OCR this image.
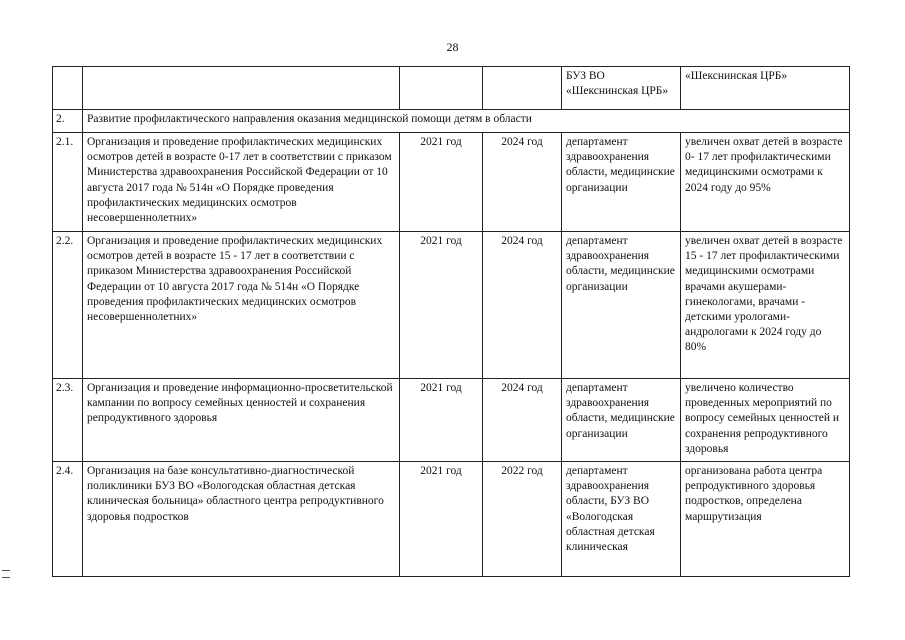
28
				БУЗ ВО «Шекснинская ЦРБ»	«Шекснинская ЦРБ»
2.	Развитие профилактического направления оказания медицинской помощи детям в области				
2.1.	Организация и проведение профилактических медицинских осмотров детей в возрасте 0-17 лет в соответствии с приказом Министерства здравоохранения Российской Федерации от 10 августа 2017 года № 514н «О Порядке проведения профилактических медицинских осмотров несовершеннолетних»	2021 год	2024 год	департамент здравоохранения области, медицинские организации	увеличен охват детей в возрасте 0- 17 лет профилактическими медицинскими осмотрами к 2024 году до 95%
2.2.	Организация и проведение профилактических медицинских осмотров детей в возрасте 15 - 17 лет в соответствии с приказом Министерства здравоохранения Российской Федерации от 10 августа 2017 года № 514н «О Порядке проведения профилактических медицинских осмотров несовершеннолетних»	2021 год	2024 год	департамент здравоохранения области, медицинские организации	увеличен охват детей в возрасте 15 - 17 лет профилактическими медицинскими осмотрами врачами акушерами-гинекологами, врачами - детскими урологами-андрологами к 2024 году до 80%
2.3.	Организация и проведение информационно-просветительской кампании по вопросу семейных ценностей и сохранения репродуктивного здоровья	2021 год	2024 год	департамент здравоохранения области, медицинские организации	увеличено количество проведенных мероприятий по вопросу семейных ценностей и сохранения репродуктивного здоровья
2.4.	Организация на базе консультативно-диагностической поликлиники БУЗ ВО «Вологодская областная детская клиническая больница» областного центра репродуктивного здоровья подростков	2021 год	2022 год	департамент здравоохранения области, БУЗ ВО «Вологодская областная детская клиническая	организована работа центра репродуктивного здоровья подростков, определена маршрутизация
